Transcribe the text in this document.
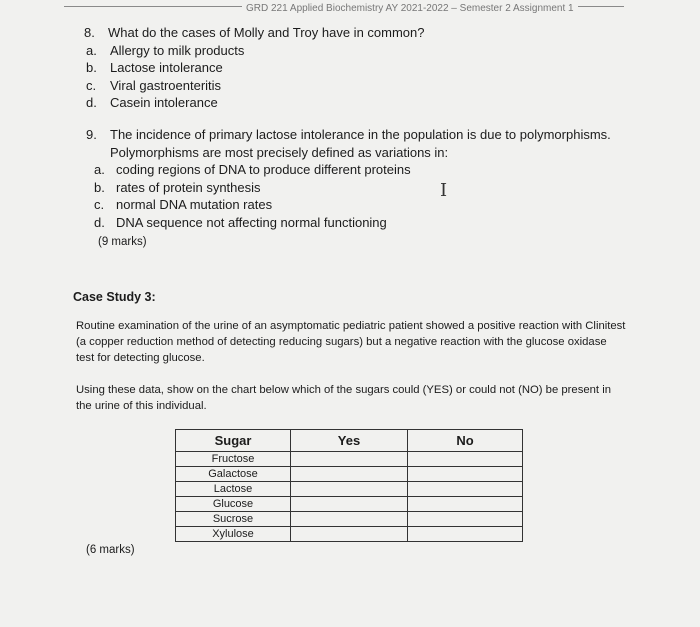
GRD 221 Applied Biochemistry AY 2021-2022 – Semester 2 Assignment 1
8.	What do the cases of Molly and Troy have in common?
a.	Allergy to milk products
b.	Lactose intolerance
c.	Viral gastroenteritis
d.	Casein intolerance
9.	The incidence of primary lactose intolerance in the population is due to polymorphisms.
Polymorphisms are most precisely defined as variations in:
a. coding regions of DNA to produce different proteins
b. rates of protein synthesis
c. normal DNA mutation rates
d. DNA sequence not affecting normal functioning
(9 marks)
I
Case Study 3:
Routine examination of the urine of an asymptomatic pediatric patient showed a positive reaction with Clinitest (a copper reduction method of detecting reducing sugars) but a negative reaction with the glucose oxidase test for detecting glucose.
Using these data, show on the chart below which of the sugars could (YES) or could not (NO) be present in the urine of this individual.
Sugar	Yes	No
Fructose		
Galactose		
Lactose		
Glucose		
Sucrose		
Xylulose		
(6 marks)
